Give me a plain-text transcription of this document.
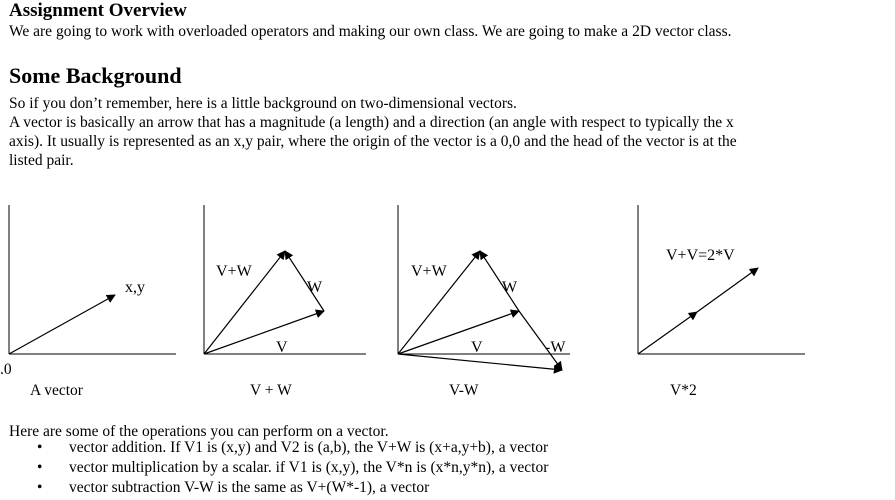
Assignment Overview
We are going to work with overloaded operators and making our own class. We are going to make a 2D vector class.
Some Background
So if you don’t remember, here is a little background on two-dimensional vectors.
A vector is basically an arrow that has a magnitude (a length) and a direction (an angle with respect to typically the x
axis). It usually is represented as an x,y pair, where the origin of the vector is a 0,0 and the head of the vector is at the
listed pair.
x,y
V+W
W
V
V+W
W
V	-W
V+V=2*V
.0
A vector	V + W	V-W	V*2
Here are some of the operations you can perform on a vector.
• vector addition. If V1 is (x,y) and V2 is (a,b), the V+W is (x+a,y+b), a vector
• vector multiplication by a scalar. if V1 is (x,y), the V*n is (x*n,y*n), a vector
• vector subtraction V-W is the same as V+(W*-1), a vector
